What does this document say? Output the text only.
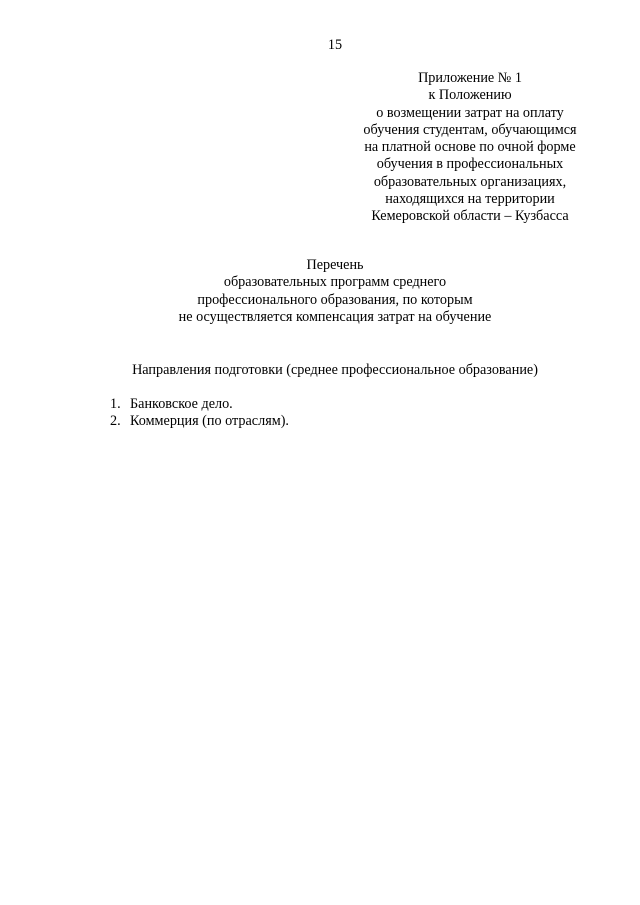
15
Приложение № 1
к Положению
о возмещении затрат на оплату
обучения студентам, обучающимся
на платной основе по очной форме
обучения в профессиональных
образовательных организациях,
находящихся на территории
Кемеровской области – Кузбасса
Перечень
образовательных программ среднего
профессионального образования, по которым
не осуществляется компенсация затрат на обучение
Направления подготовки (среднее профессиональное образование)
1. Банковское дело.
2. Коммерция (по отраслям).
